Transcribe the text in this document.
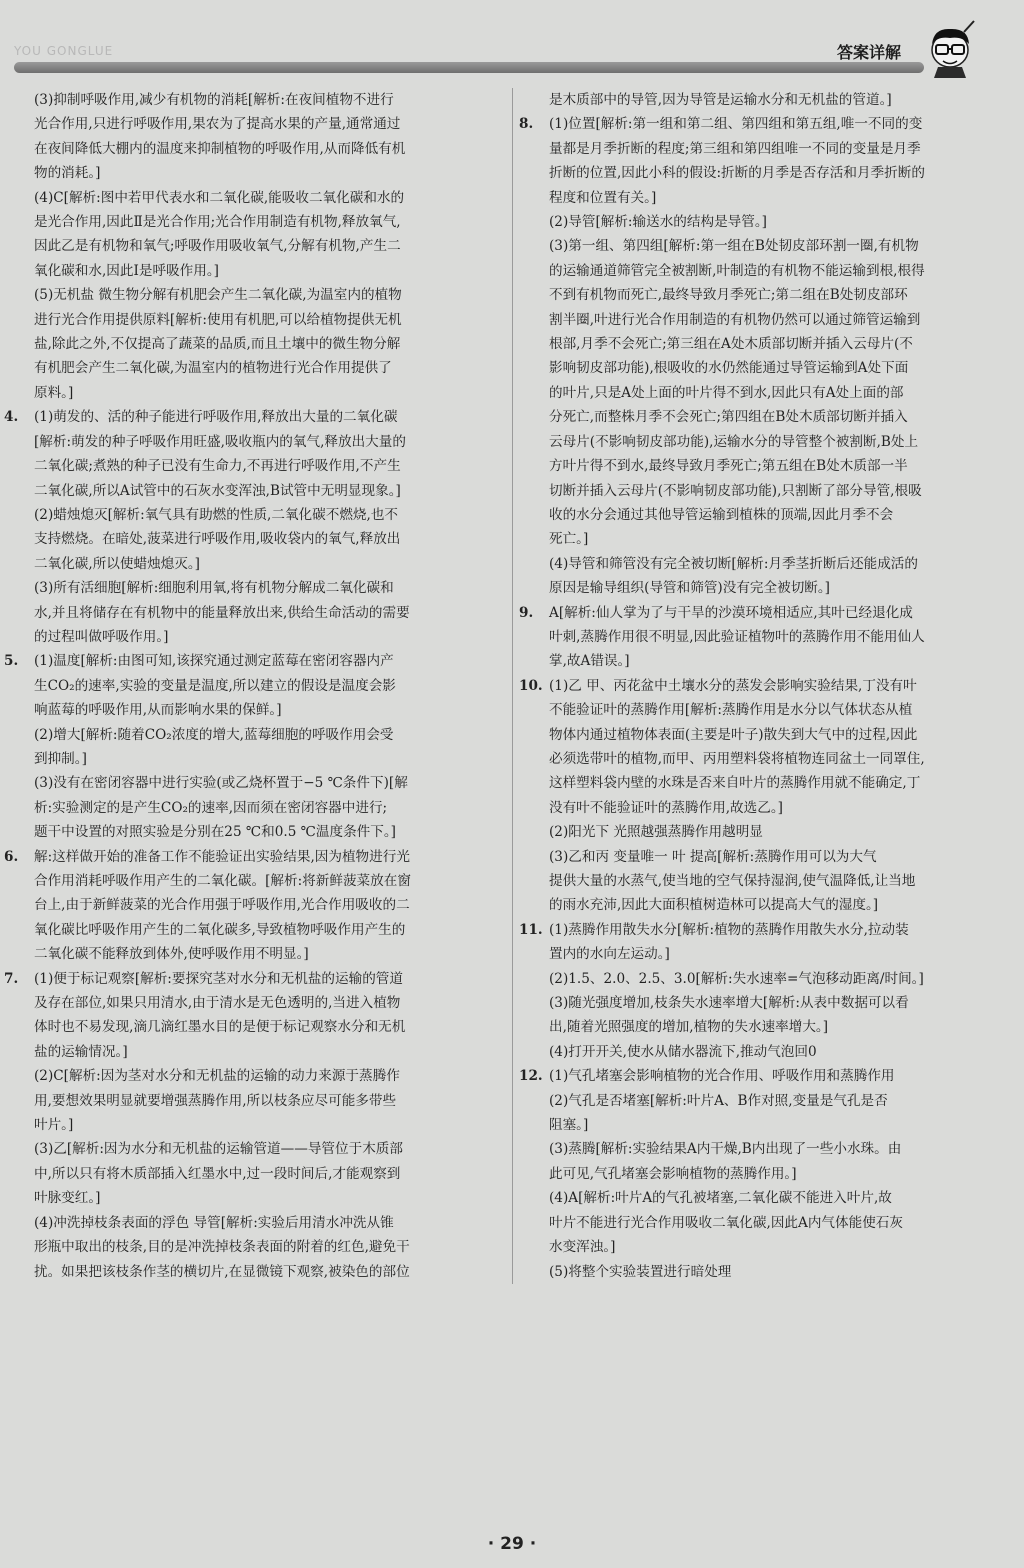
YOU GONGLUE	答案详解
(3)抑制呼吸作用,减少有机物的消耗[解析:在夜间植物不进行
光合作用,只进行呼吸作用,果农为了提高水果的产量,通常通过
在夜间降低大棚内的温度来抑制植物的呼吸作用,从而降低有机
物的消耗。]
(4)C[解析:图中若甲代表水和二氧化碳,能吸收二氧化碳和水的
是光合作用,因此Ⅱ是光合作用;光合作用制造有机物,释放氧气,
因此乙是有机物和氧气;呼吸作用吸收氧气,分解有机物,产生二
氧化碳和水,因此Ⅰ是呼吸作用。]
(5)无机盐 微生物分解有机肥会产生二氧化碳,为温室内的植物
进行光合作用提供原料[解析:使用有机肥,可以给植物提供无机
盐,除此之外,不仅提高了蔬菜的品质,而且土壤中的微生物分解
有机肥会产生二氧化碳,为温室内的植物进行光合作用提供了
原料。]
4. (1)萌发的、活的种子能进行呼吸作用,释放出大量的二氧化碳
[解析:萌发的种子呼吸作用旺盛,吸收瓶内的氧气,释放出大量的
二氧化碳;煮熟的种子已没有生命力,不再进行呼吸作用,不产生
二氧化碳,所以A试管中的石灰水变浑浊,B试管中无明显现象。]
(2)蜡烛熄灭[解析:氧气具有助燃的性质,二氧化碳不燃烧,也不
支持燃烧。在暗处,菠菜进行呼吸作用,吸收袋内的氧气,释放出
二氧化碳,所以使蜡烛熄灭。]
(3)所有活细胞[解析:细胞利用氧,将有机物分解成二氧化碳和
水,并且将储存在有机物中的能量释放出来,供给生命活动的需要
的过程叫做呼吸作用。]
5. (1)温度[解析:由图可知,该探究通过测定蓝莓在密闭容器内产
生CO₂的速率,实验的变量是温度,所以建立的假设是温度会影
响蓝莓的呼吸作用,从而影响水果的保鲜。]
(2)增大[解析:随着CO₂浓度的增大,蓝莓细胞的呼吸作用会受
到抑制。]
(3)没有在密闭容器中进行实验(或乙烧杯置于−5 ℃条件下)[解
析:实验测定的是产生CO₂的速率,因而须在密闭容器中进行;
题干中设置的对照实验是分别在25 ℃和0.5 ℃温度条件下。]
6. 解:这样做开始的准备工作不能验证出实验结果,因为植物进行光
合作用消耗呼吸作用产生的二氧化碳。[解析:将新鲜菠菜放在窗
台上,由于新鲜菠菜的光合作用强于呼吸作用,光合作用吸收的二
氧化碳比呼吸作用产生的二氧化碳多,导致植物呼吸作用产生的
二氧化碳不能释放到体外,使呼吸作用不明显。]
7. (1)便于标记观察[解析:要探究茎对水分和无机盐的运输的管道
及存在部位,如果只用清水,由于清水是无色透明的,当进入植物
体时也不易发现,滴几滴红墨水目的是便于标记观察水分和无机
盐的运输情况。]
(2)C[解析:因为茎对水分和无机盐的运输的动力来源于蒸腾作
用,要想效果明显就要增强蒸腾作用,所以枝条应尽可能多带些
叶片。]
(3)乙[解析:因为水分和无机盐的运输管道——导管位于木质部
中,所以只有将木质部插入红墨水中,过一段时间后,才能观察到
叶脉变红。]
(4)冲洗掉枝条表面的浮色 导管[解析:实验后用清水冲洗从锥
形瓶中取出的枝条,目的是冲洗掉枝条表面的附着的红色,避免干
扰。如果把该枝条作茎的横切片,在显微镜下观察,被染色的部位
是木质部中的导管,因为导管是运输水分和无机盐的管道。]
8. (1)位置[解析:第一组和第二组、第四组和第五组,唯一不同的变
量都是月季折断的程度;第三组和第四组唯一不同的变量是月季
折断的位置,因此小科的假设:折断的月季是否存活和月季折断的
程度和位置有关。]
(2)导管[解析:输送水的结构是导管。]
(3)第一组、第四组[解析:第一组在B处韧皮部环割一圈,有机物
的运输通道筛管完全被割断,叶制造的有机物不能运输到根,根得
不到有机物而死亡,最终导致月季死亡;第二组在B处韧皮部环
割半圈,叶进行光合作用制造的有机物仍然可以通过筛管运输到
根部,月季不会死亡;第三组在A处木质部切断并插入云母片(不
影响韧皮部功能),根吸收的水仍然能通过导管运输到A处下面
的叶片,只是A处上面的叶片得不到水,因此只有A处上面的部
分死亡,而整株月季不会死亡;第四组在B处木质部切断并插入
云母片(不影响韧皮部功能),运输水分的导管整个被割断,B处上
方叶片得不到水,最终导致月季死亡;第五组在B处木质部一半
切断并插入云母片(不影响韧皮部功能),只割断了部分导管,根吸
收的水分会通过其他导管运输到植株的顶端,因此月季不会
死亡。]
(4)导管和筛管没有完全被切断[解析:月季茎折断后还能成活的
原因是输导组织(导管和筛管)没有完全被切断。]
9. A[解析:仙人掌为了与干旱的沙漠环境相适应,其叶已经退化成
叶刺,蒸腾作用很不明显,因此验证植物叶的蒸腾作用不能用仙人
掌,故A错误。]
10. (1)乙 甲、丙花盆中土壤水分的蒸发会影响实验结果,丁没有叶
不能验证叶的蒸腾作用[解析:蒸腾作用是水分以气体状态从植
物体内通过植物体表面(主要是叶子)散失到大气中的过程,因此
必须选带叶的植物,而甲、丙用塑料袋将植物连同盆土一同罩住,
这样塑料袋内壁的水珠是否来自叶片的蒸腾作用就不能确定,丁
没有叶不能验证叶的蒸腾作用,故选乙。]
(2)阳光下 光照越强蒸腾作用越明显
(3)乙和丙 变量唯一 叶 提高[解析:蒸腾作用可以为大气
提供大量的水蒸气,使当地的空气保持湿润,使气温降低,让当地
的雨水充沛,因此大面积植树造林可以提高大气的湿度。]
11. (1)蒸腾作用散失水分[解析:植物的蒸腾作用散失水分,拉动装
置内的水向左运动。]
(2)1.5、2.0、2.5、3.0[解析:失水速率=气泡移动距离/时间。]
(3)随光强度增加,枝条失水速率增大[解析:从表中数据可以看
出,随着光照强度的增加,植物的失水速率增大。]
(4)打开开关,使水从储水器流下,推动气泡回0
12. (1)气孔堵塞会影响植物的光合作用、呼吸作用和蒸腾作用
(2)气孔是否堵塞[解析:叶片A、B作对照,变量是气孔是否
阻塞。]
(3)蒸腾[解析:实验结果A内干燥,B内出现了一些小水珠。由
此可见,气孔堵塞会影响植物的蒸腾作用。]
(4)A[解析:叶片A的气孔被堵塞,二氧化碳不能进入叶片,故
叶片不能进行光合作用吸收二氧化碳,因此A内气体能使石灰
水变浑浊。]
(5)将整个实验装置进行暗处理
· 29 ·
